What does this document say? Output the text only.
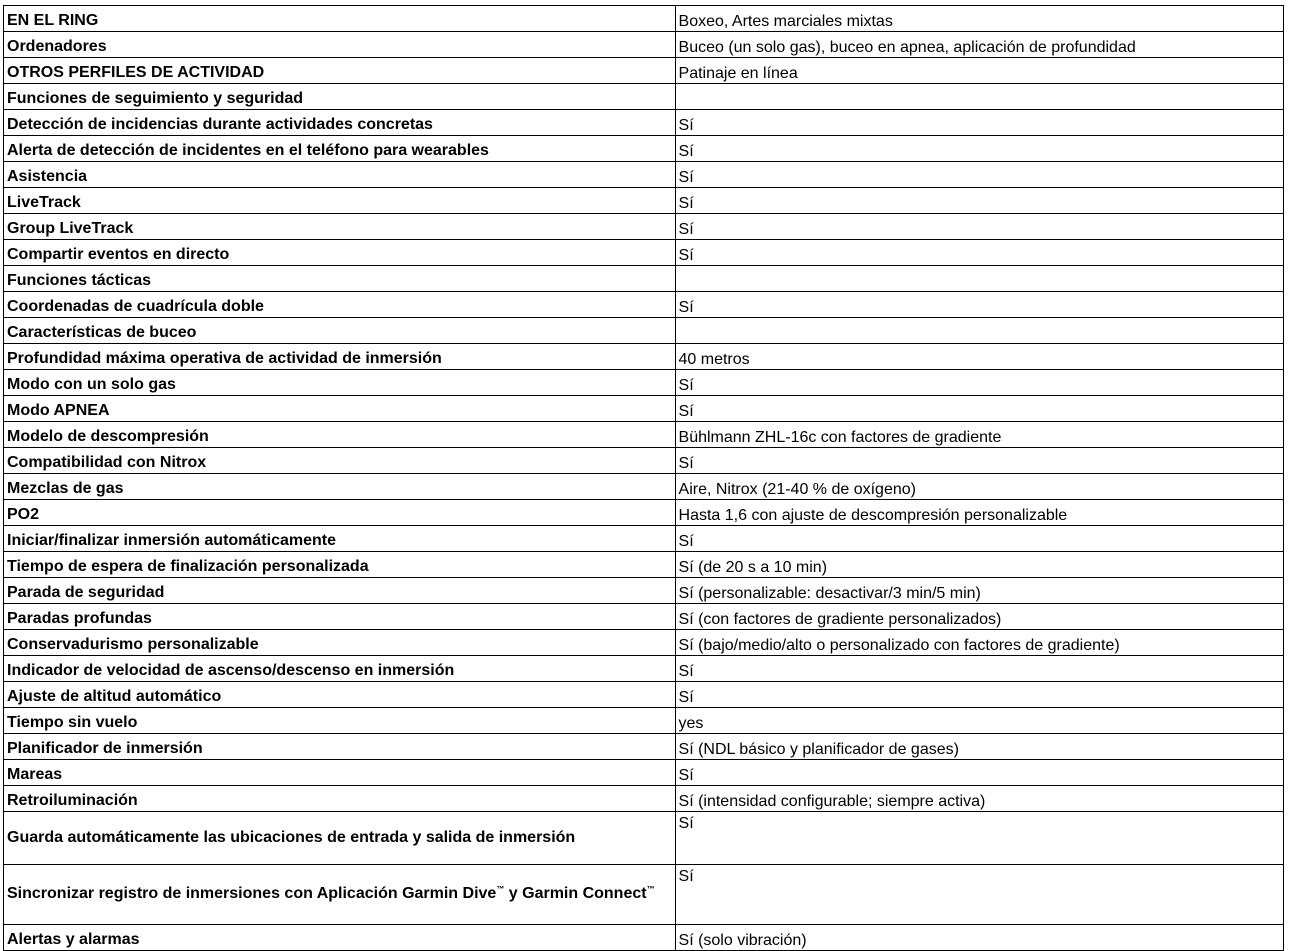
EN EL RING	Boxeo, Artes marciales mixtas
Ordenadores	Buceo (un solo gas), buceo en apnea, aplicación de profundidad
OTROS PERFILES DE ACTIVIDAD	Patinaje en línea
Funciones de seguimiento y seguridad	
Detección de incidencias durante actividades concretas	Sí
Alerta de detección de incidentes en el teléfono para wearables	Sí
Asistencia	Sí
LiveTrack	Sí
Group LiveTrack	Sí
Compartir eventos en directo	Sí
Funciones tácticas	
Coordenadas de cuadrícula doble	Sí
Características de buceo	
Profundidad máxima operativa de actividad de inmersión	40 metros
Modo con un solo gas	Sí
Modo APNEA	Sí
Modelo de descompresión	Bühlmann ZHL-16c con factores de gradiente
Compatibilidad con Nitrox	Sí
Mezclas de gas	Aire, Nitrox (21-40 % de oxígeno)
PO2	Hasta 1,6 con ajuste de descompresión personalizable
Iniciar/finalizar inmersión automáticamente	Sí
Tiempo de espera de finalización personalizada	Sí (de 20 s a 10 min)
Parada de seguridad	Sí (personalizable: desactivar/3 min/5 min)
Paradas profundas	Sí (con factores de gradiente personalizados)
Conservadurismo personalizable	Sí (bajo/medio/alto o personalizado con factores de gradiente)
Indicador de velocidad de ascenso/descenso en inmersión	Sí
Ajuste de altitud automático	Sí
Tiempo sin vuelo	yes
Planificador de inmersión	Sí (NDL básico y planificador de gases)
Mareas	Sí
Retroiluminación	Sí (intensidad configurable; siempre activa)
Guarda automáticamente las ubicaciones de entrada y salida de inmersión	Sí
Sincronizar registro de inmersiones con Aplicación Garmin Dive™ y Garmin Connect™	Sí
Alertas y alarmas	Sí (solo vibración)
